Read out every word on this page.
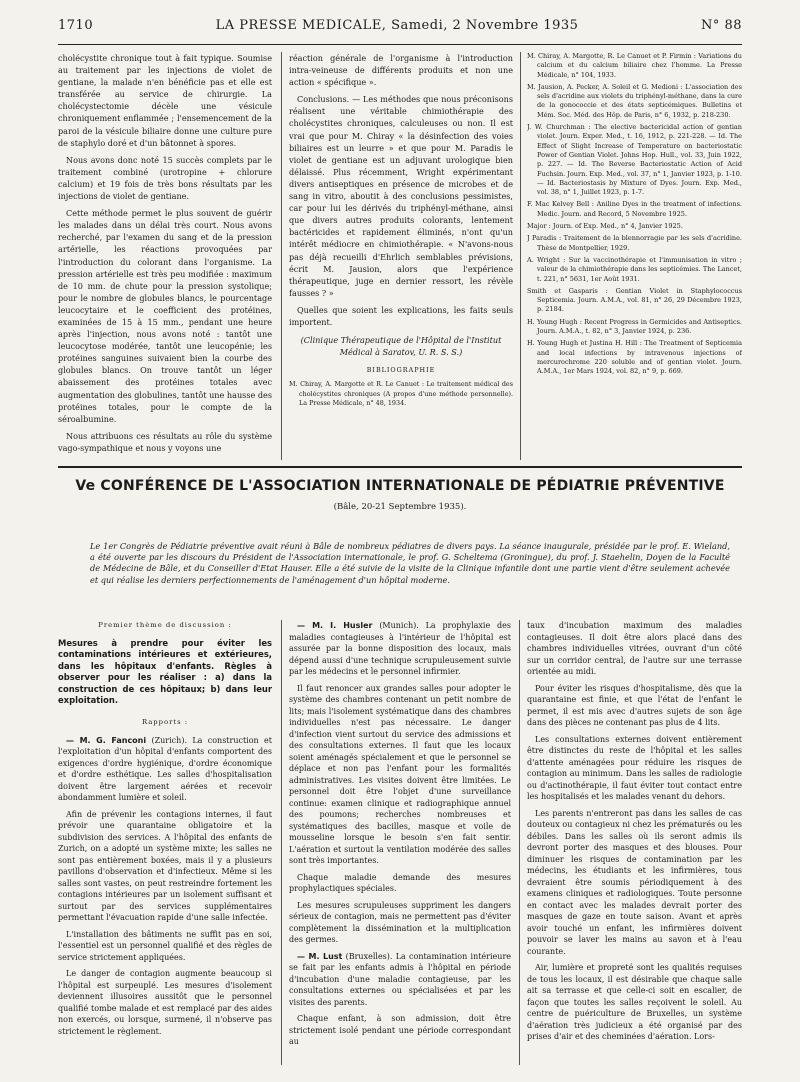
1710	LA PRESSE MEDICALE, Samedi, 2 Novembre 1935	N° 88

cholécystite chronique tout à fait typique. Soumise au traitement par les injections de violet de gentiane, la malade n'en bénéficie pas et elle est transférée au service de chirurgie. La cholécystectomie décèle une vésicule chroniquement enflammée ; l'ensemencement de la paroi de la vésicule biliaire donne une culture pure de staphylo doré et d'un bâtonnet à spores.

Nous avons donc noté 15 succès complets par le traitement combiné (urotropine + chlorure calcium) et 19 fois de très bons résultats par les injections de violet de gentiane.

Cette méthode permet le plus souvent de guérir les malades dans un délai très court. Nous avons recherché, par l'examen du sang et de la pression artérielle, les réactions provoquées par l'introduction du colorant dans l'organisme. La pression artérielle est très peu modifiée : maximum de 10 mm. de chute pour la pression systolique; pour le nombre de globules blancs, le pourcentage leucocytaire et le coefficient des protéines, examinées de 15 à 15 mm., pendant une heure après l'injection, nous avons noté : tantôt une leucocytose modérée, tantôt une leucopénie; les protéines sanguines suivaient bien la courbe des globules blancs. On trouve tantôt un léger abaissement des protéines totales avec augmentation des globulines, tantôt une hausse des protéines totales, pour le compte de la séroalbumine.

Nous attribuons ces résultats au rôle du système vago-sympathique et nous y voyons une

réaction générale de l'organisme à l'introduction intra-veineuse de différents produits et non une action « spécifique ».

Conclusions. — Les méthodes que nous préconisons réalisent une véritable chimiothérapie des cholécystites chroniques, calculeuses ou non. Il est vrai que pour M. Chiray « la désinfection des voies biliaires est un leurre » et que pour M. Paradis le violet de gentiane est un adjuvant urologique bien délaissé. Plus récemment, Wright expérimentant divers antiseptiques en présence de microbes et de sang in vitro, aboutit à des conclusions pessimistes, car pour lui les dérivés du triphényl-méthane, ainsi que divers autres produits colorants, lentement bactéricides et rapidement éliminés, n'ont qu'un intérêt médiocre en chimiothérapie. « N'avons-nous pas déjà recueilli d'Ehrlich semblables prévisions, écrit M. Jausion, alors que l'expérience thérapeutique, juge en dernier ressort, les révèle fausses ? »

Quelles que soient les explications, les faits seuls importent.

(Clinique Thérapeutique de l'Hôpital de l'Institut Médical à Saratov, U. R. S. S.)

BIBLIOGRAPHIE

M. Chiray, A. Margotte et R. Le Canuet : Le traitement médical des cholécystites chroniques (A propos d'une méthode personnelle). La Presse Médicale, n° 48, 1934.

M. Chiray, A. Margotte, R. Le Canuet et P. Firmin : Variations du calcium et du calcium biliaire chez l'homme. La Presse Médicale, n° 104, 1933.

M. Jausion, A. Pecker, A. Soleil et G. Medioni : L'association des sels d'acridine aux violets du triphényl-méthane, dans la cure de la gonococcie et des états septicémiques. Bulletins et Mém. Soc. Méd. des Hôp. de Paris, n° 6, 1932, p. 218-230.

J. W. Churchman : The elective bactericidal action of gentian violet. Journ. Exper. Med., t. 16, 1912, p. 221-228. — Id. The Effect of Slight Increase of Temperature on bacteriostatic Power of Gentian Violet. Johns Hop. Hull., vol. 33, Juin 1922, p. 227. — Id. The Reverse Bacteriostatic Action of Acid Fuchsin. Journ. Exp. Med., vol. 37, n° 1, Janvier 1923, p. 1-10. — Id. Bacteriostasis by Mixture of Dyes. Journ. Exp. Med., vol. 38, n° 1, Juillet 1923, p. 1-7.

F. Mac Kelvey Bell : Aniline Dyes in the treatment of infections. Medic. Journ. and Record, 5 Novembre 1925.

Major : Journ. of Exp. Med., n° 4, Janvier 1925.

J Paradis : Traitement de la blennorragie par les sels d'acridine. Thèse de Montpellier, 1929.

A. Wright : Sur la vaccinothérapie et l'immunisation in vitro ; valeur de la chimiothérapie dans les septicémies. The Lancet, t. 221, n° 5631, 1er Août 1931.

Smith et Gasparis : Gentian Violet in Staphylococcus Septicemia. Journ. A.M.A., vol. 81, n° 26, 29 Décembre 1923, p. 2184.

H. Young Hugh : Recent Progress in Germicides and Antiseptics. Journ. A.M.A., t. 82, n° 3, Janvier 1924, p. 236.

H. Young Hugh et Justina H. Hill : The Treatment of Septicemia and local infections by intravenous injections of mercurochrome 220 soluble and of gentian violet. Journ. A.M.A., 1er Mars 1924, vol. 82, n° 9, p. 669.

Ve CONFÉRENCE DE L'ASSOCIATION INTERNATIONALE DE PÉDIATRIE PRÉVENTIVE
(Bâle, 20-21 Septembre 1935).
Le 1er Congrès de Pédiatrie préventive avait réuni à Bâle de nombreux pédiatres de divers pays. La séance inaugurale, présidée par le prof. E. Wieland, a été ouverte par les discours du Président de l'Association internationale, le prof. G. Scheltema (Groningue), du prof. J. Staehelin, Doyen de la Faculté de Médecine de Bâle, et du Conseiller d'Etat Hauser. Elle a été suivie de la visite de la Clinique infantile dont une partie vient d'être seulement achevée et qui réalise les derniers perfectionnements de l'aménagement d'un hôpital moderne.

Premier thème de discussion :

Mesures à prendre pour éviter les contaminations intérieures et extérieures, dans les hôpitaux d'enfants. Règles à observer pour les réaliser : a) dans la construction de ces hôpitaux; b) dans leur exploitation.

Rapports :

— M. G. Fanconi (Zurich). La construction et l'exploitation d'un hôpital d'enfants comportent des exigences d'ordre hygiénique, d'ordre économique et d'ordre esthétique. Les salles d'hospitalisation doivent être largement aérées et recevoir abondamment lumière et soleil.

Afin de prévenir les contagions internes, il faut prévoir une quarantaine obligatoire et la subdivision des services. A l'hôpital des enfants de Zurich, on a adopté un système mixte; les salles ne sont pas entièrement boxées, mais il y a plusieurs pavillons d'observation et d'infectieux. Même si les salles sont vastes, on peut restreindre fortement les contagions intérieures par un isolement suffisant et surtout par des services supplémentaires permettant l'évacuation rapide d'une salle infectée.

L'installation des bâtiments ne suffit pas en soi, l'essentiel est un personnel qualifié et des règles de service strictement appliquées.

Le danger de contagion augmente beaucoup si l'hôpital est surpeuplé. Les mesures d'isolement deviennent illusoires aussitôt que le personnel qualifié tombe malade et est remplacé par des aides non exercés, ou lorsque, surmené, il n'observe pas strictement le règlement.

— M. I. Husler (Munich). La prophylaxie des maladies contagieuses à l'intérieur de l'hôpital est assurée par la bonne disposition des locaux, mais dépend aussi d'une technique scrupuleusement suivie par les médecins et le personnel infirmier.

Il faut renoncer aux grandes salles pour adopter le système des chambres contenant un petit nombre de lits; mais l'isolement systématique dans des chambres individuelles n'est pas nécessaire. Le danger d'infection vient surtout du service des admissions et des consultations externes. Il faut que les locaux soient aménagés spécialement et que le personnel se déplace et non pas l'enfant pour les formalités administratives. Les visites doivent être limitées. Le personnel doit être l'objet d'une surveillance continue: examen clinique et radiographique annuel des poumons; recherches nombreuses et systématiques des bacilles, masque et voile de mousseline lorsque le besoin s'en fait sentir. L'aération et surtout la ventilation modérée des salles sont très importantes.

Chaque maladie demande des mesures prophylactiques spéciales.

Les mesures scrupuleuses suppriment les dangers sérieux de contagion, mais ne permettent pas d'éviter complètement la dissémination et la multiplication des germes.

— M. Lust (Bruxelles). La contamination intérieure se fait par les enfants admis à l'hôpital en période d'incubation d'une maladie contagieuse, par les consultations externes ou spécialisées et par les visites des parents.

Chaque enfant, à son admission, doit être strictement isolé pendant une période correspondant au

taux d'incubation maximum des maladies contagieuses. Il doit être alors placé dans des chambres individuelles vitrées, ouvrant d'un côté sur un corridor central, de l'autre sur une terrasse orientée au midi.

Pour éviter les risques d'hospitalisme, dès que la quarantaine est finie, et que l'état de l'enfant le permet, il est mis avec d'autres sujets de son âge dans des pièces ne contenant pas plus de 4 lits.

Les consultations externes doivent entièrement être distinctes du reste de l'hôpital et les salles d'attente aménagées pour réduire les risques de contagion au minimum. Dans les salles de radiologie ou d'actinothérapie, il faut éviter tout contact entre les hospitalisés et les malades venant du dehors.

Les parents n'entreront pas dans les salles de cas douteux ou contagieux ni chez les prématurés ou les débiles. Dans les salles où ils seront admis ils devront porter des masques et des blouses. Pour diminuer les risques de contamination par les médecins, les étudiants et les infirmières, tous devraient être soumis périodiquement à des examens cliniques et radiologiques. Toute personne en contact avec les malades devrait porter des masques de gaze en toute saison. Avant et après avoir touché un enfant, les infirmières doivent pouvoir se laver les mains au savon et à l'eau courante.

Air, lumière et propreté sont les qualités requises de tous les locaux, il est désirable que chaque salle ait sa terrasse et que celle-ci soit en escalier, de façon que toutes les salles reçoivent le soleil. Au centre de puériculture de Bruxelles, un système d'aération très judicieux a été organisé par des prises d'air et des cheminées d'aération. Lors-
